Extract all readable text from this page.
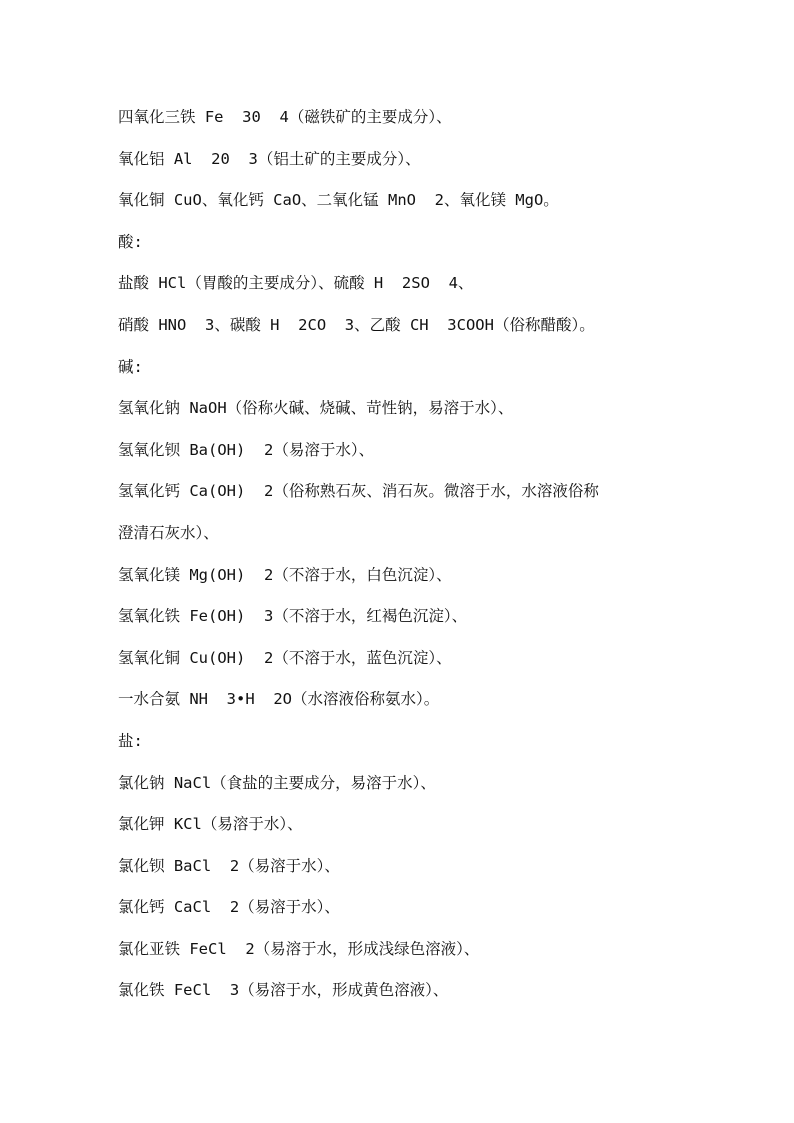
四氧化三铁 Fe  30  4（磁铁矿的主要成分）、
氧化铝 Al  20  3（铝土矿的主要成分）、
氧化铜 CuO、氧化钙 CaO、二氧化锰 MnO  2、氧化镁 MgO。
酸:
盐酸 HCl（胃酸的主要成分）、硫酸 H  2SO  4、
硝酸 HNO  3、碳酸 H  2CO  3、乙酸 CH  3COOH（俗称醋酸）。
碱:
氢氧化钠 NaOH（俗称火碱、烧碱、苛性钠，易溶于水）、
氢氧化钡 Ba(OH)  2（易溶于水）、
氢氧化钙 Ca(OH)  2（俗称熟石灰、消石灰。微溶于水，水溶液俗称
澄清石灰水）、
氢氧化镁 Mg(OH)  2（不溶于水，白色沉淀）、
氢氧化铁 Fe(OH)  3（不溶于水，红褐色沉淀）、
氢氧化铜 Cu(OH)  2（不溶于水，蓝色沉淀）、
一水合氨 NH  3•H  2O（水溶液俗称氨水）。
盐:
氯化钠 NaCl（食盐的主要成分，易溶于水）、
氯化钾 KCl（易溶于水）、
氯化钡 BaCl  2（易溶于水）、
氯化钙 CaCl  2（易溶于水）、
氯化亚铁 FeCl  2（易溶于水，形成浅绿色溶液）、
氯化铁 FeCl  3（易溶于水，形成黄色溶液）、
